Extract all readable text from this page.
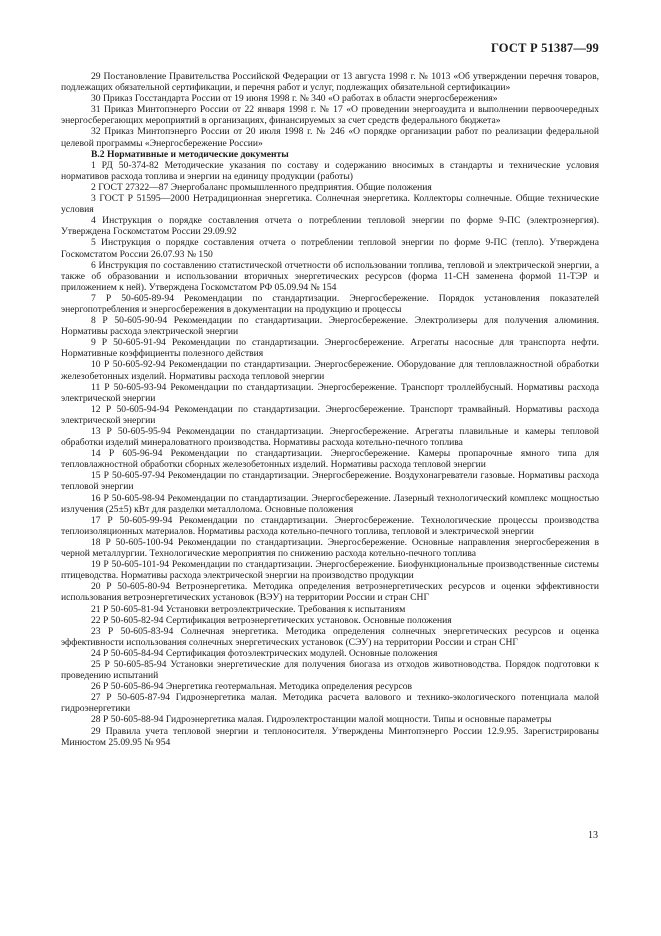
ГОСТ Р 51387—99

29 Постановление Правительства Российской Федерации от 13 августа 1998 г. № 1013 «Об утверждении перечня товаров, подлежащих обязательной сертификации, и перечня работ и услуг, подлежащих обязательной сертификации»

30 Приказ Госстандарта России от 19 июня 1998 г. № 340 «О работах в области энергосбережения»

31 Приказ Минтопэнерго России от 22 января 1998 г. № 17 «О проведении энергоаудита и выполнении первоочередных энергосберегающих мероприятий в организациях, финансируемых за счет средств федерального бюджета»

32 Приказ Минтопэнерго России от 20 июля 1998 г. № 246 «О порядке организации работ по реализации федеральной целевой программы «Энергосбережение России»

В.2 Нормативные и методические документы

1 РД 50-374-82 Методические указания по составу и содержанию вносимых в стандарты и технические условия нормативов расхода топлива и энергии на единицу продукции (работы)

2 ГОСТ 27322—87 Энергобаланс промышленного предприятия. Общие положения

3 ГОСТ Р 51595—2000 Нетрадиционная энергетика. Солнечная энергетика. Коллекторы солнечные. Общие технические условия

4 Инструкция о порядке составления отчета о потреблении тепловой энергии по форме 9-ПС (электроэнергия). Утверждена Госкомстатом России 29.09.92

5 Инструкция о порядке составления отчета о потреблении тепловой энергии по форме 9-ПС (тепло). Утверждена Госкомстатом России 26.07.93 № 150

6 Инструкция по составлению статистической отчетности об использовании топлива, тепловой и электрической энергии, а также об образовании и использовании вторичных энергетических ресурсов (форма 11-СН заменена формой 11-ТЭР и приложением к ней). Утверждена Госкомстатом РФ 05.09.94 № 154

7 Р 50-605-89-94 Рекомендации по стандартизации. Энергосбережение. Порядок установления показателей энергопотребления и энергосбережения в документации на продукцию и процессы

8 Р 50-605-90-94 Рекомендации по стандартизации. Энергосбережение. Электролизеры для получения алюминия. Нормативы расхода электрической энергии

9 Р 50-605-91-94 Рекомендации по стандартизации. Энергосбережение. Агрегаты насосные для транспорта нефти. Нормативные коэффициенты полезного действия

10 Р 50-605-92-94 Рекомендации по стандартизации. Энергосбережение. Оборудование для тепловлажностной обработки железобетонных изделий. Нормативы расхода тепловой энергии

11 Р 50-605-93-94 Рекомендации по стандартизации. Энергосбережение. Транспорт троллейбусный. Нормативы расхода электрической энергии

12 Р 50-605-94-94 Рекомендации по стандартизации. Энергосбережение. Транспорт трамвайный. Нормативы расхода электрической энергии

13 Р 50-605-95-94 Рекомендации по стандартизации. Энергосбережение. Агрегаты плавильные и камеры тепловой обработки изделий минераловатного производства. Нормативы расхода котельно-печного топлива

14 Р 605-96-94 Рекомендации по стандартизации. Энергосбережение. Камеры пропарочные ямного типа для тепловлажностной обработки сборных железобетонных изделий. Нормативы расхода тепловой энергии

15 Р 50-605-97-94 Рекомендации по стандартизации. Энергосбережение. Воздухонагреватели газовые. Нормативы расхода тепловой энергии

16 Р 50-605-98-94 Рекомендации по стандартизации. Энергосбережение. Лазерный технологический комплекс мощностью излучения (25±5) кВт для разделки металлолома. Основные положения

17 Р 50-605-99-94 Рекомендации по стандартизации. Энергосбережение. Технологические процессы производства теплоизоляционных материалов. Нормативы расхода котельно-печного топлива, тепловой и электрической энергии

18 Р 50-605-100-94 Рекомендации по стандартизации. Энергосбережение. Основные направления энергосбережения в черной металлургии. Технологические мероприятия по снижению расхода котельно-печного топлива

19 Р 50-605-101-94 Рекомендации по стандартизации. Энергосбережение. Биофункциональные производственные системы птицеводства. Нормативы расхода электрической энергии на производство продукции

20 Р 50-605-80-94 Ветроэнергетика. Методика определения ветроэнергетических ресурсов и оценки эффективности использования ветроэнергетических установок (ВЭУ) на территории России и стран СНГ

21 Р 50-605-81-94 Установки ветроэлектрические. Требования к испытаниям

22 Р 50-605-82-94 Сертификация ветроэнергетических установок. Основные положения

23 Р 50-605-83-94 Солнечная энергетика. Методика определения солнечных энергетических ресурсов и оценка эффективности использования солнечных энергетических установок (СЭУ) на территории России и стран СНГ

24 Р 50-605-84-94 Сертификация фотоэлектрических модулей. Основные положения

25 Р 50-605-85-94 Установки энергетические для получения биогаза из отходов животноводства. Порядок подготовки к проведению испытаний

26 Р 50-605-86-94 Энергетика геотермальная. Методика определения ресурсов

27 Р 50-605-87-94 Гидроэнергетика малая. Методика расчета валового и технико-экологического потенциала малой гидроэнергетики

28 Р 50-605-88-94 Гидроэнергетика малая. Гидроэлектростанции малой мощности. Типы и основные параметры

29 Правила учета тепловой энергии и теплоносителя. Утверждены Минтопэнерго России 12.9.95. Зарегистрированы Минюстом 25.09.95 № 954

13
